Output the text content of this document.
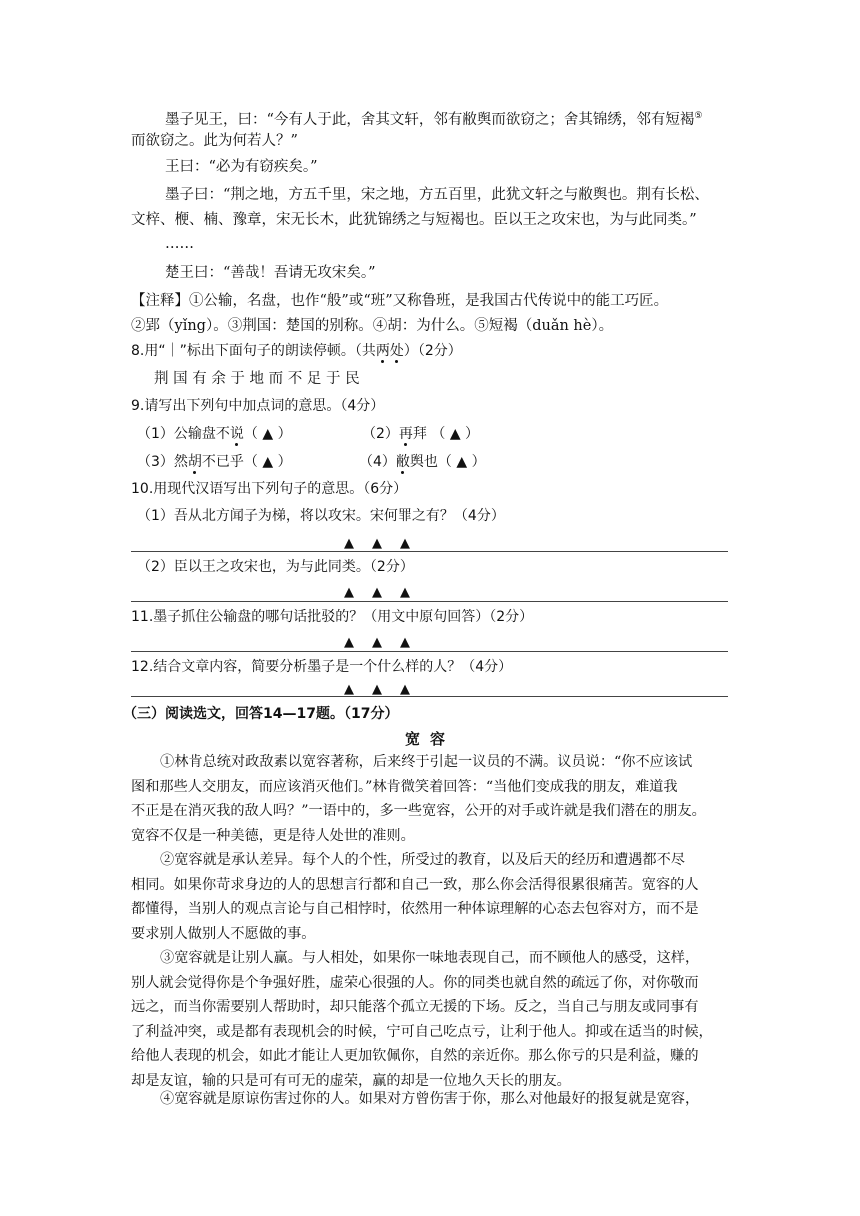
墨子见王，曰：“今有人于此，舍其文轩，邻有敝舆而欲窃之；舍其锦绣，邻有短褐⑤
而欲窃之。此为何若人？”
王曰：“必为有窃疾矣。”
墨子曰：“荆之地，方五千里，宋之地，方五百里，此犹文轩之与敝舆也。荆有长松、
文梓、楩、楠、豫章，宋无长木，此犹锦绣之与短褐也。臣以王之攻宋也，为与此同类。”
……
楚王曰：“善哉！吾请无攻宋矣。”
【注释】①公输，名盘，也作“般”或“班”又称鲁班，是我国古代传说中的能工巧匠。
②郢（yǐng）。③荆国：楚国的别称。④胡：为什么。⑤短褐（duǎn hè）。
8.用“｜”标出下面句子的朗读停顿。（共两处）（2分）
荆 国 有 余 于 地 而 不 足 于 民
9.请写出下列句中加点词的意思。（4分）
（1）公输盘不说（ ▲ ）	（2）再拜 （ ▲ ）
（3）然胡不已乎（ ▲ ）	（4）敝舆也（ ▲ ）
10.用现代汉语写出下列句子的意思。（6分）
（1）吾从北方闻子为梯，将以攻宋。宋何罪之有？（4分）
▲▲▲
（2）臣以王之攻宋也，为与此同类。（2分）
▲▲▲
11.墨子抓住公输盘的哪句话批驳的？（用文中原句回答）（2分）
▲▲▲
12.结合文章内容，简要分析墨子是一个什么样的人？（4分）
▲▲▲
（三）阅读选文，回答14—17题。（17分）
宽容
①林肯总统对政敌素以宽容著称，后来终于引起一议员的不满。议员说：“你不应该试
图和那些人交朋友，而应该消灭他们。”林肯微笑着回答：“当他们变成我的朋友，难道我
不正是在消灭我的敌人吗？”一语中的，多一些宽容，公开的对手或许就是我们潜在的朋友。
宽容不仅是一种美德，更是待人处世的准则。
②宽容就是承认差异。每个人的个性，所受过的教育，以及后天的经历和遭遇都不尽
相同。如果你苛求身边的人的思想言行都和自己一致，那么你会活得很累很痛苦。宽容的人
都懂得，当别人的观点言论与自己相悖时，依然用一种体谅理解的心态去包容对方，而不是
要求别人做别人不愿做的事。
③宽容就是让别人赢。与人相处，如果你一味地表现自己，而不顾他人的感受，这样，
别人就会觉得你是个争强好胜，虚荣心很强的人。你的同类也就自然的疏远了你，对你敬而
远之，而当你需要别人帮助时，却只能落个孤立无援的下场。反之，当自己与朋友或同事有
了利益冲突，或是都有表现机会的时候，宁可自己吃点亏，让利于他人。抑或在适当的时候，
给他人表现的机会，如此才能让人更加钦佩你，自然的亲近你。那么你亏的只是利益，赚的
却是友谊，输的只是可有可无的虚荣，赢的却是一位地久天长的朋友。
④宽容就是原谅伤害过你的人。如果对方曾伤害于你，那么对他最好的报复就是宽容，
